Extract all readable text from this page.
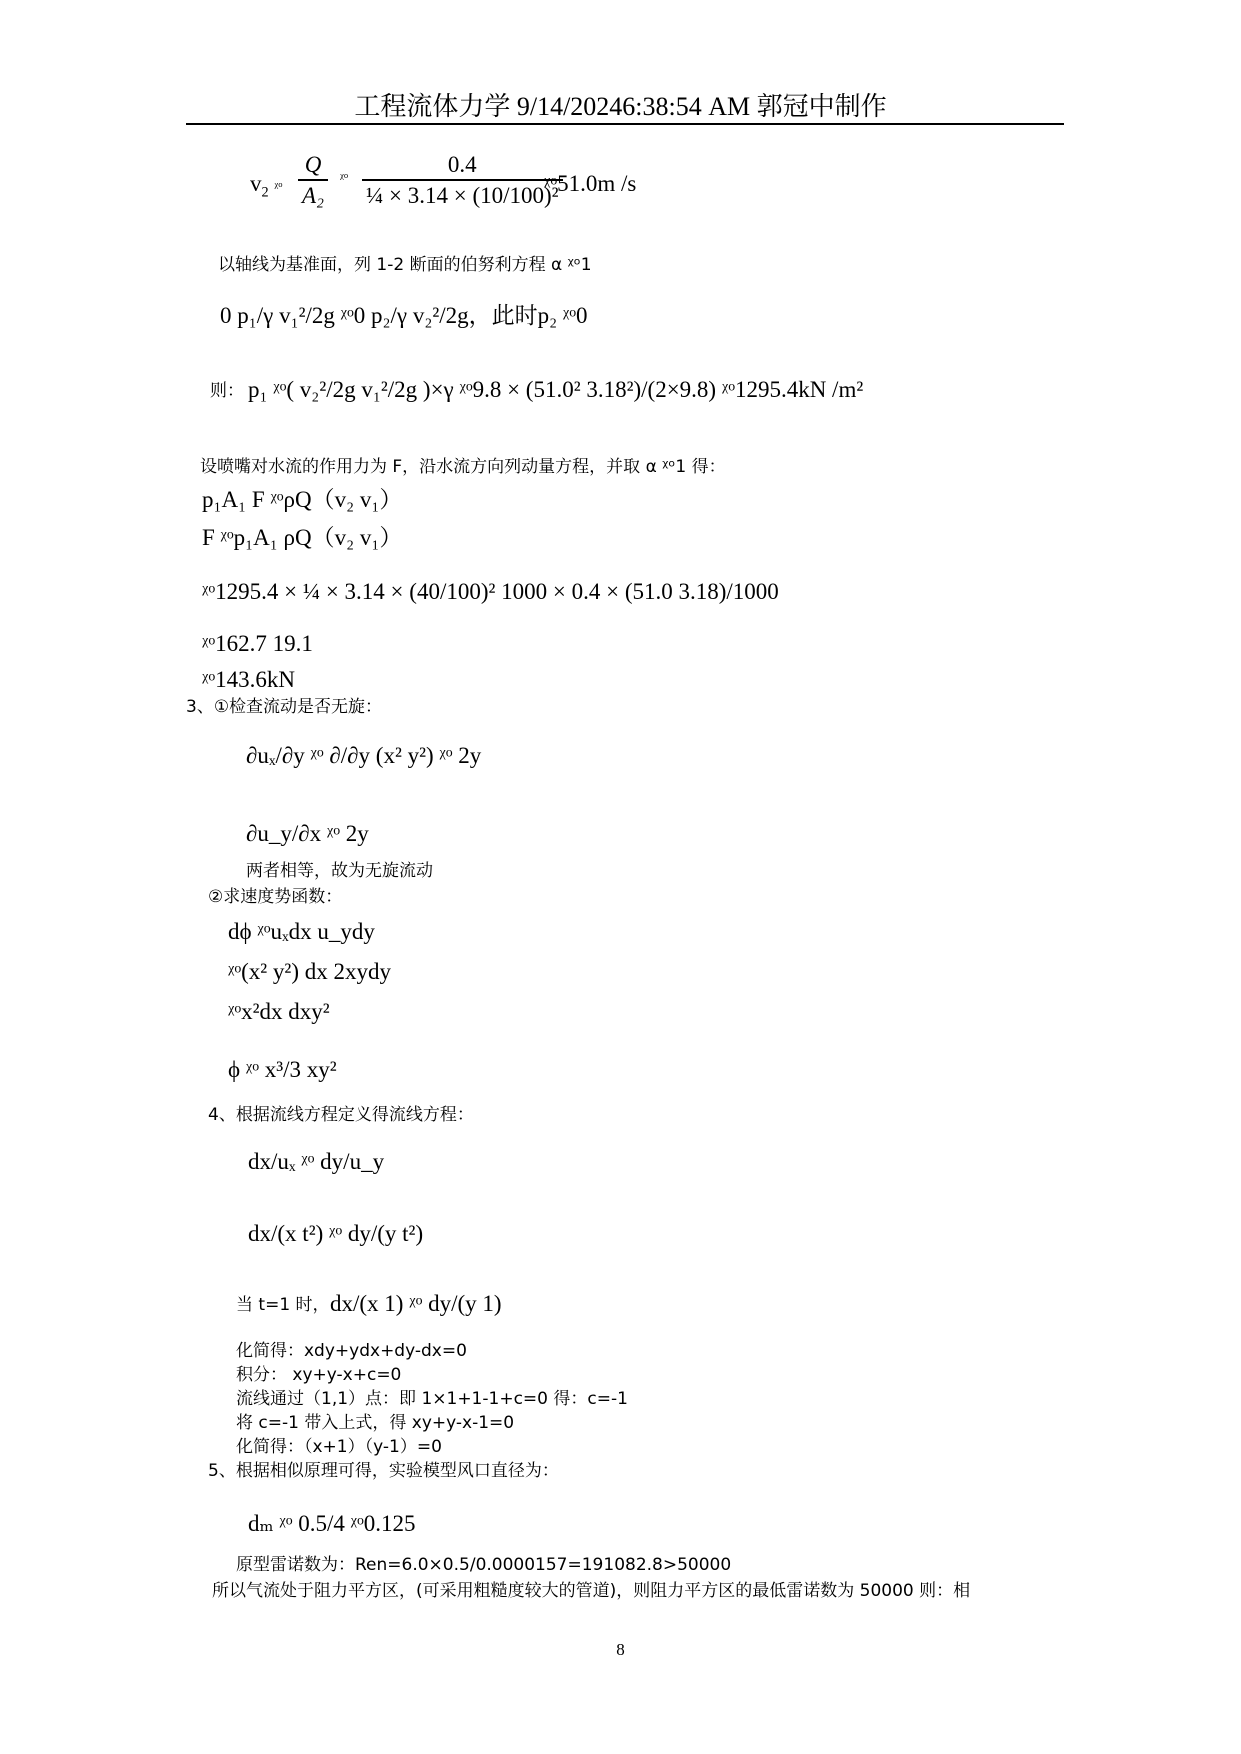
工程流体力学 9/14/20246:38:54 AM 郭冠中制作
$v_2$ ᵡᵒ
Q
A₂
ᵡᵒ
0.4
¼ × 3.14 × (10/100)²
ᵡᵒ51.0m /s
以轴线为基准面，列 1-2 断面的伯努利方程 α ᵡᵒ1
0 p₁/γ v₁²/2g ᵡᵒ0 p₂/γ v₂²/2g，此时p₂ ᵡᵒ0
则： p₁ ᵡᵒ( v₂²/2g v₁²/2g )×γ ᵡᵒ9.8 × (51.0² 3.18²)/(2×9.8) ᵡᵒ1295.4kN /m²
设喷嘴对水流的作用力为 F，沿水流方向列动量方程，并取 α ᵡᵒ1 得：
p₁A₁ F ᵡᵒρQ（v₂ v₁）
F ᵡᵒp₁A₁ ρQ（v₂ v₁）
ᵡᵒ1295.4 × ¼ × 3.14 × (40/100)² 1000 × 0.4 × (51.0 3.18)/1000
ᵡᵒ162.7 19.1
ᵡᵒ143.6kN
3、①检查流动是否无旋：
∂uₓ/∂y ᵡᵒ ∂/∂y (x² y²) ᵡᵒ 2y
∂u_y/∂x ᵡᵒ 2y
两者相等，故为无旋流动
②求速度势函数：
dϕ ᵡᵒuₓdx u_ydy
ᵡᵒ(x² y²) dx 2xydy
ᵡᵒx²dx dxy²
ϕ ᵡᵒ x³/3 xy²
4、根据流线方程定义得流线方程：
dx/uₓ ᵡᵒ dy/u_y
dx/(x t²) ᵡᵒ dy/(y t²)
当 t=1 时， dx/(x 1) ᵡᵒ dy/(y 1)
化简得：xdy+ydx+dy-dx=0
积分： xy+y-x+c=0
流线通过（1,1）点：即 1×1+1-1+c=0 得：c=-1
将 c=-1 带入上式，得 xy+y-x-1=0
化简得：（x+1）（y-1）=0
5、根据相似原理可得，实验模型风口直径为：
dₘ ᵡᵒ 0.5/4 ᵡᵒ0.125
原型雷诺数为：Ren=6.0×0.5/0.0000157=191082.8>50000
所以气流处于阻力平方区，(可采用粗糙度较大的管道)，则阻力平方区的最低雷诺数为 50000 则：相
8
